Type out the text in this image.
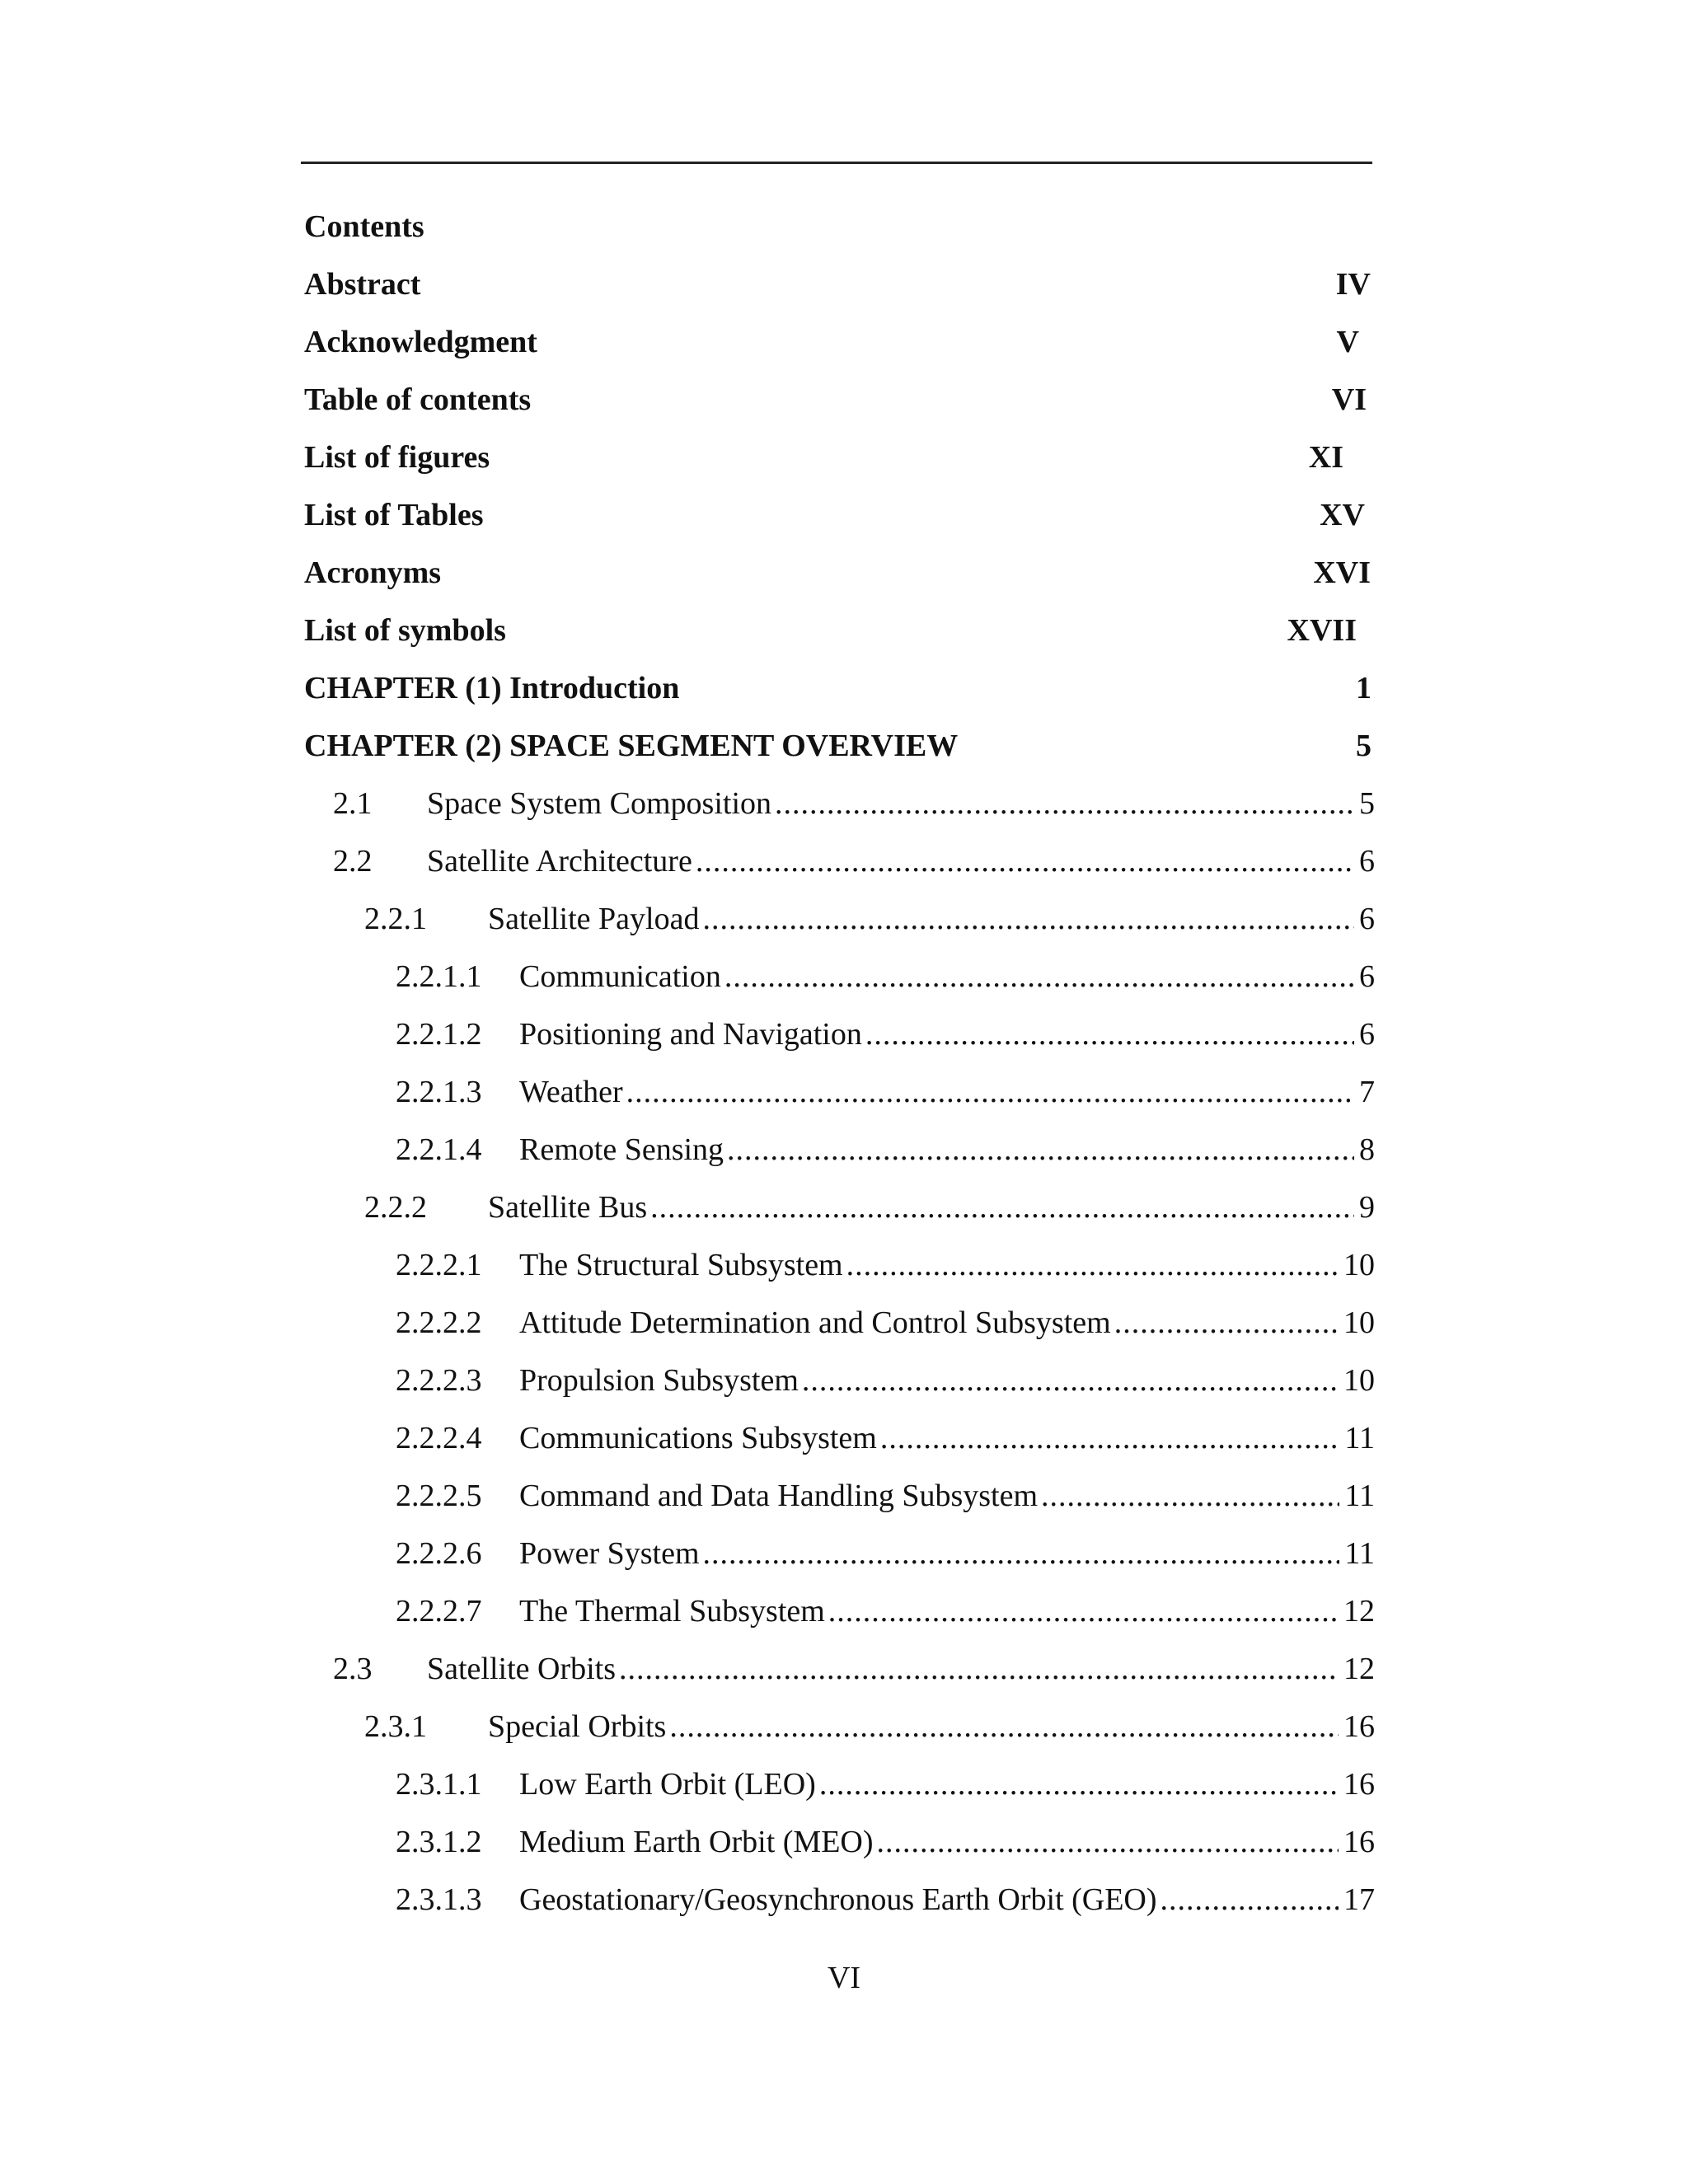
Contents
Abstract	IV
Acknowledgment	V
Table of contents	VI
List of figures	XI
List of Tables	XV
Acronyms	XVI
List of symbols	XVII
CHAPTER (1) Introduction	1
CHAPTER (2) SPACE SEGMENT OVERVIEW	5
2.1 Space System Composition .....	5
2.2 Satellite Architecture .....	6
2.2.1 Satellite Payload .....	6
2.2.1.1 Communication .....	6
2.2.1.2 Positioning and Navigation .....	6
2.2.1.3 Weather .....	7
2.2.1.4 Remote Sensing .....	8
2.2.2 Satellite Bus .....	9
2.2.2.1 The Structural Subsystem .....	10
2.2.2.2 Attitude Determination and Control Subsystem .....	10
2.2.2.3 Propulsion Subsystem .....	10
2.2.2.4 Communications Subsystem .....	11
2.2.2.5 Command and Data Handling Subsystem .....	11
2.2.2.6 Power System .....	11
2.2.2.7 The Thermal Subsystem .....	12
2.3 Satellite Orbits .....	12
2.3.1 Special Orbits .....	16
2.3.1.1 Low Earth Orbit (LEO) .....	16
2.3.1.2 Medium Earth Orbit (MEO) .....	16
2.3.1.3 Geostationary/Geosynchronous Earth Orbit (GEO) .....	17
VI
